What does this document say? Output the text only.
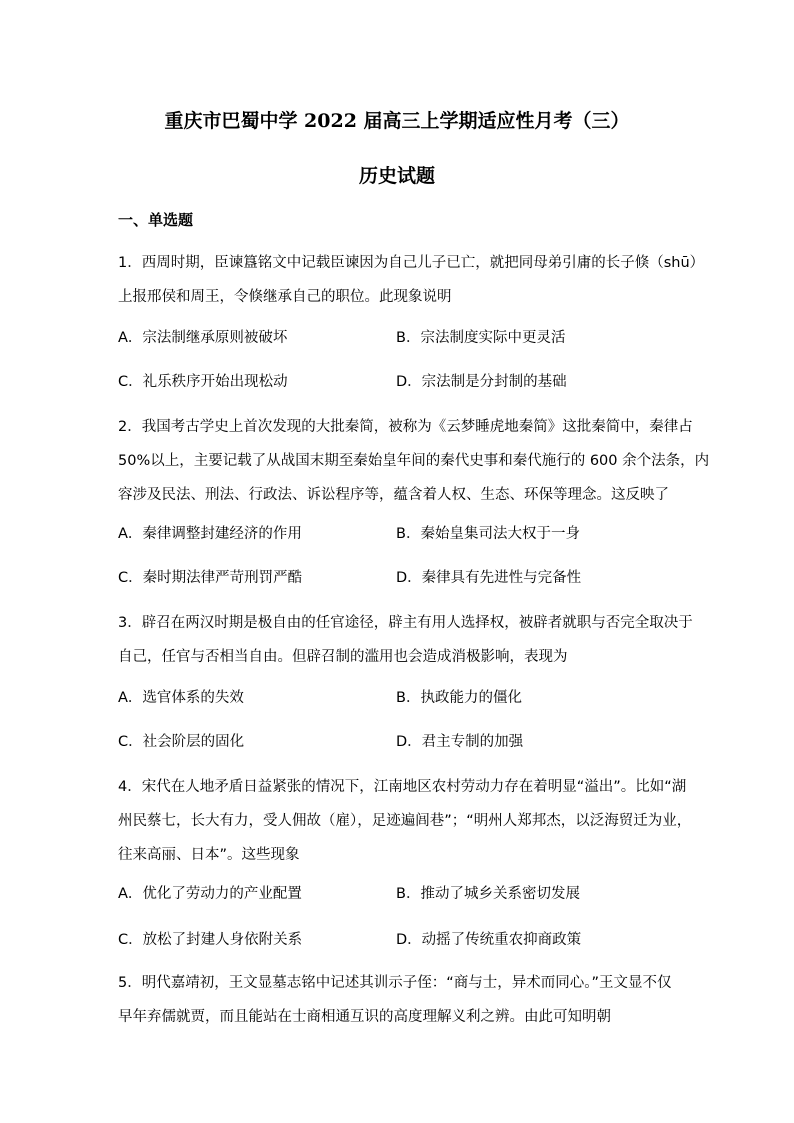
重庆市巴蜀中学 2022 届高三上学期适应性月考（三）
历史试题
一、单选题

1．西周时期，臣谏簋铭文中记载臣谏因为自己儿子已亡，就把同母弟引庸的长子倏（shū）

上报邢侯和周王，令倏继承自己的职位。此现象说明

A．宗法制继承原则被破坏	B．宗法制度实际中更灵活
C．礼乐秩序开始出现松动	D．宗法制是分封制的基础

2．我国考古学史上首次发现的大批秦简，被称为《云梦睡虎地秦简》这批秦简中，秦律占

50%以上，主要记载了从战国末期至秦始皇年间的秦代史事和秦代施行的 600 余个法条，内

容涉及民法、刑法、行政法、诉讼程序等，蕴含着人权、生态、环保等理念。这反映了

A．秦律调整封建经济的作用	B．秦始皇集司法大权于一身
C．秦时期法律严苛刑罚严酷	D．秦律具有先进性与完备性

3．辟召在两汉时期是极自由的任官途径，辟主有用人选择权，被辟者就职与否完全取决于

自己，任官与否相当自由。但辟召制的滥用也会造成消极影响，表现为

A．选官体系的失效	B．执政能力的僵化
C．社会阶层的固化	D．君主专制的加强

4．宋代在人地矛盾日益紧张的情况下，江南地区农村劳动力存在着明显“溢出”。比如“湖

州民蔡七，长大有力，受人佣故（雇），足迹遍闾巷”；“明州人郑邦杰，以泛海贸迁为业，

往来高丽、日本”。这些现象

A．优化了劳动力的产业配置	B．推动了城乡关系密切发展
C．放松了封建人身依附关系	D．动摇了传统重农抑商政策

5．明代嘉靖初，王文显墓志铭中记述其训示子侄：“商与士，异术而同心。”王文显不仅

早年弃儒就贾，而且能站在士商相通互识的高度理解义利之辨。由此可知明朝
